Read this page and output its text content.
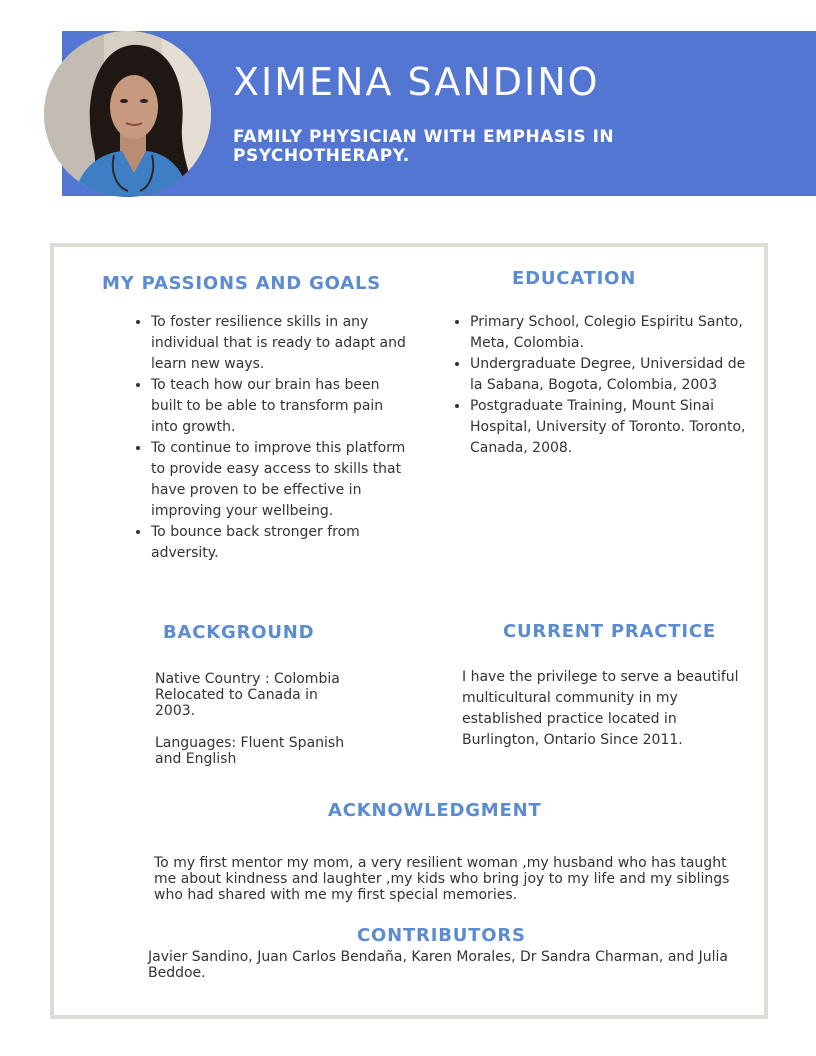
XIMENA SANDINO
FAMILY PHYSICIAN WITH EMPHASIS IN PSYCHOTHERAPY.
MY PASSIONS AND GOALS
• To foster resilience skills in any individual that is ready to adapt and learn new ways.
• To teach how our brain has been built to be able to transform pain into growth.
• To continue to improve this platform to provide easy access to skills that have proven to be effective in improving your wellbeing.
• To bounce back stronger from adversity.
EDUCATION
• Primary School, Colegio Espiritu Santo, Meta, Colombia.
• Undergraduate Degree, Universidad de la Sabana, Bogota, Colombia, 2003
• Postgraduate Training, Mount Sinai Hospital, University of Toronto. Toronto, Canada, 2008.
BACKGROUND

Native Country : Colombia Relocated to Canada in 2003.

Languages: Fluent Spanish and English

CURRENT PRACTICE

I have the privilege to serve a beautiful multicultural community in my established practice located in Burlington, Ontario Since 2011.

ACKNOWLEDGMENT

To my first mentor my mom, a very resilient woman ,my husband who has taught me about kindness and laughter ,my kids who bring joy to my life and my siblings who had shared with me my first special memories.

CONTRIBUTORS

Javier Sandino, Juan Carlos Bendaña, Karen Morales, Dr Sandra Charman, and Julia Beddoe.
